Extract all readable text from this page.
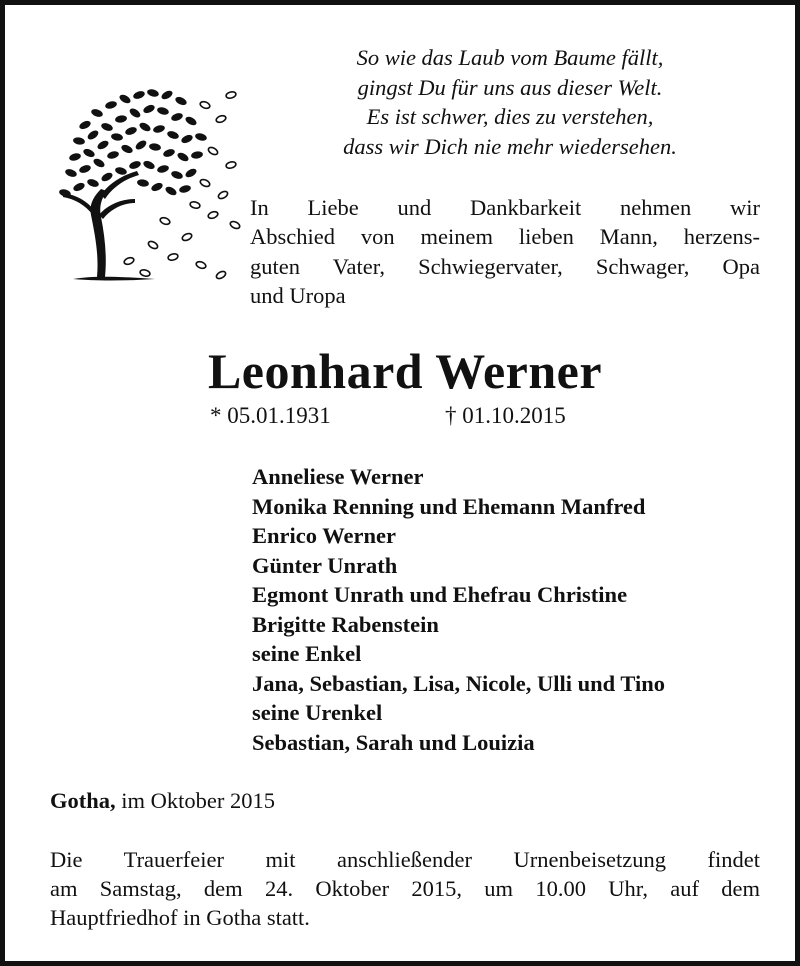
So wie das Laub vom Baume fällt,
gingst Du für uns aus dieser Welt.
Es ist schwer, dies zu verstehen,
dass wir Dich nie mehr wiedersehen.
In Liebe und Dankbarkeit nehmen wir
Abschied von meinem lieben Mann, herzens-
guten Vater, Schwiegervater, Schwager, Opa
und Uropa
Leonhard Werner
* 05.01.1931	† 01.10.2015
Anneliese Werner
Monika Renning und Ehemann Manfred
Enrico Werner
Günter Unrath
Egmont Unrath und Ehefrau Christine
Brigitte Rabenstein
seine Enkel
Jana, Sebastian, Lisa, Nicole, Ulli und Tino
seine Urenkel
Sebastian, Sarah und Louizia
Gotha, im Oktober 2015
Die Trauerfeier mit anschließender Urnenbeisetzung findet
am Samstag, dem 24. Oktober 2015, um 10.00 Uhr, auf dem
Hauptfriedhof in Gotha statt.
